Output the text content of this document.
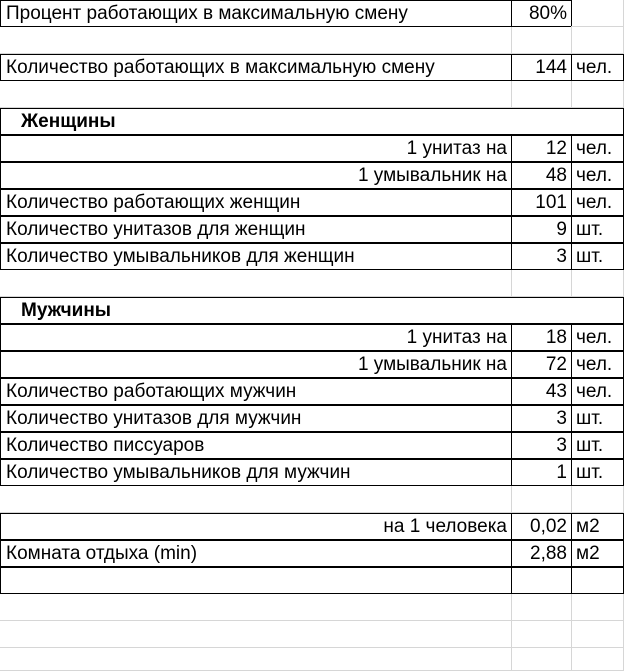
Процент работающих в максимальную смену	80%
Количество работающих в максимальную смену	144 чел.
Женщины
1 унитаз на	12 чел.
1 умывальник на	48 чел.
Количество работающих женщин	101 чел.
Количество унитазов для женщин	9 шт.
Количество умывальников для женщин	3 шт.
Мужчины
1 унитаз на	18 чел.
1 умывальник на	72 чел.
Количество работающих мужчин	43 чел.
Количество унитазов для мужчин	3 шт.
Количество писсуаров	3 шт.
Количество умывальников для мужчин	1 шт.
на 1 человека	0,02 м2
Комната отдыха (min)	2,88 м2
